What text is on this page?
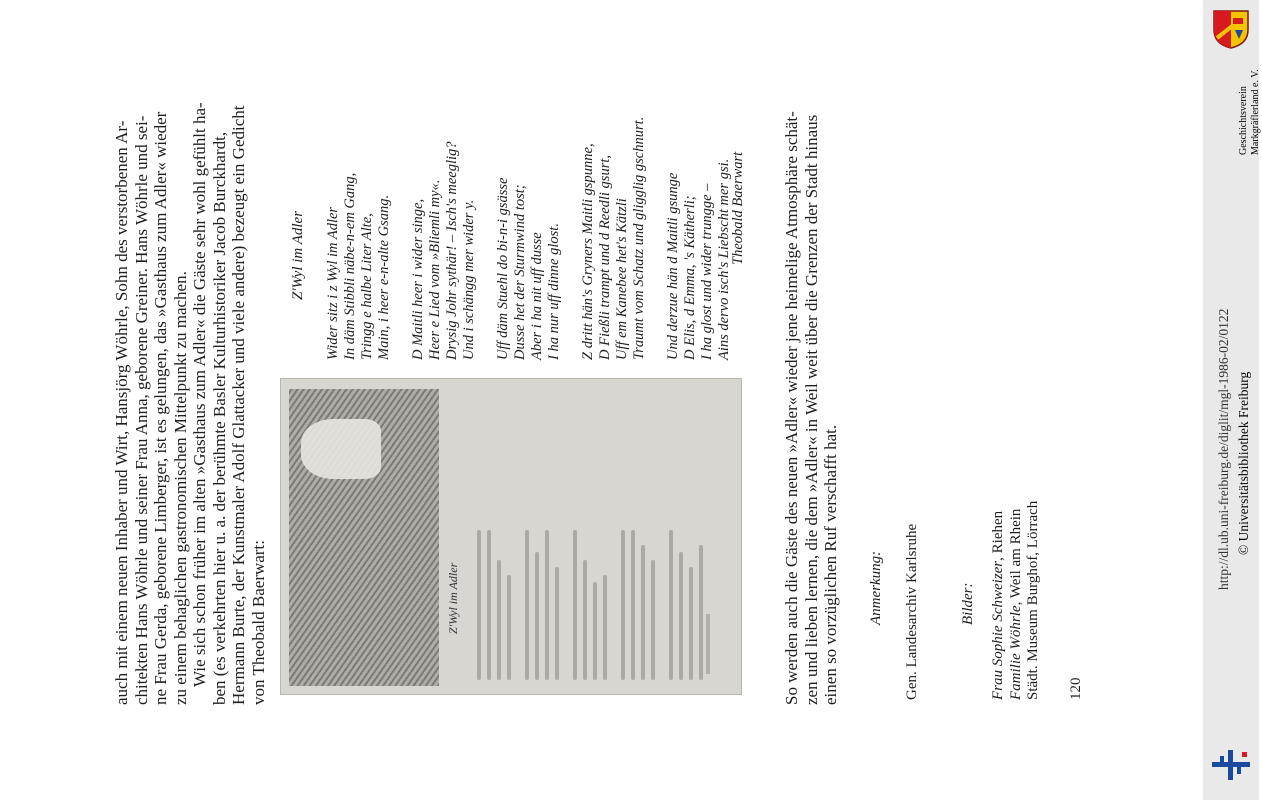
auch mit einem neuen Inhaber und Wirt, Hansjörg Wöhrle, Sohn des verstorbenen Ar- chitekten Hans Wöhrle und seiner Frau Anna, geborene Greiner. Hans Wöhrle und sei- ne Frau Gerda, geborene Limberger, ist es gelungen, das »Gasthaus zum Adler« wieder zu einem behaglichen gastronomischen Mittelpunkt zu machen. Wie sich schon früher im alten »Gasthaus zum Adler« die Gäste sehr wohl gefühlt ha- ben (es verkehrten hier u. a. der berühmte Basler Kulturhistoriker Jacob Burckhardt, Hermann Burte, der Kunstmaler Adolf Glattacker und viele andere) bezeugt ein Gedicht von Theobald Baerwart:	Z'Wyl im Adler
Z'Wyl im Adler Wider sitz i z Wyl im Adler In däm Stibbli näbe-n-em Gang, Tringg e halbe Liter Alte, Main, i heer e-n-alte Gsang. D Maitli heer i wider singe, Heer e Lied vom »Bliemli my«. Drysig Johr sythär! – Isch's meeglig? Und i schängg mer wider y. Uff däm Stuehl do bi-n-i gsässe Dusse het der Sturmwind tost; Aber i ha nit uff dusse I ha nur uff dinne glost. Z dritt hän's Gryners Maitli gspunne, D Fießli trampt und d Reedli gsurt, Uff em Kanebee het's Kätzli Traumt vom Schatz und gligglig gschnurt. Und derzue hän d Maitli gsunge D Elis, d Emma, 's Kätherli; I ha glost und wider trungge – Ains dervo isch's Liebscht mer gsi.
Theobald Baerwart So werden auch die Gäste des neuen »Adler« wieder jene heimelige Atmosphäre schät- zen und lieben lernen, die dem »Adler« in Weil weit über die Grenzen der Stadt hinaus einen so vorzüglichen Ruf verschafft hat. Anmerkung: Gen. Landesarchiv Karlsruhe	Bilder: Frau Sophie Schweizer, Riehen
Familie Wöhrle, Weil am Rhein Städt. Museum Burghof, Lörrach 120
Geschichtsverein Markgräflerland e. V.
http://dl.ub.uni-freiburg.de/diglit/mgl-1986-02/0122 © Universitätsbibliothek Freiburg
